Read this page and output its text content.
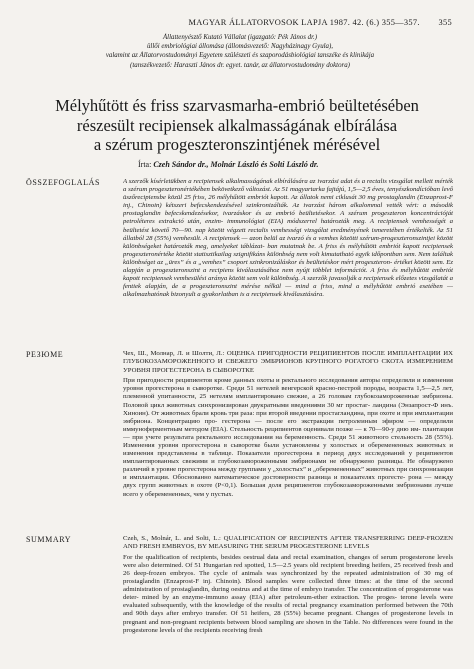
MAGYAR ÁLLATORVOSOK LAPJA 1987. 42. (6.) 355—357. 355
Állattenyésztő Kutató Vállalat (igazgató: Pék János dr.)
üllői embriológiai állomása (állomásvezető: Nagyházinagy Gyula),
valamint az Állatorvostudományi Egyetem szülészeti és szaporodásbiológiai tanszéke és klinikája
(tanszékvezető: Haraszti János dr. egyet. tanár, az állatorvostudomány doktora)
Mélyhűtött és friss szarvasmarha-embrió beültetésében
részesült recipiensek alkalmasságának elbírálása
a szérum progeszteronszintjének mérésével
Írta: Czeh Sándor dr., Molnár László és Solti László dr.
ÖSSZEFOGLALÁS	A szerzők kísérletükben a recipiensek alkalmasságának elbírálására az ivarzási adat és a rectalis vizsgálat mellett mérték a szérum progeszteronértékében bekövetkező változást. Az 51 magyartarka fajtájú, 1,5—2,5 éves, tenyészkondícióban levő üszőrecipiensbe közül 25 friss, 26 mélyhűtött embriót kapott. Az állatok nemi ciklusát 30 mg prostaglandin (Enzaprost-F inj., Chinoin) kétszeri befecskendezésével szinkronizálták. Az ivarzást három alkalommal vették vért: a második prostaglandin befecskendezésekor, ivarzáskor és az embrió beültetésekor. A szérum progeszteron koncentrációját petroléteres extrakció után, enzim- immunológiai (EIA) módszerrel határozták meg. A recipiensek vemhességét a beültetést követő 70—90. nap között végzett rectalis vemhességi vizsgálat eredményének ismeretében értékelték. Az 51 állatból 28 (55%) vemhesült. A recipiensek — azon belül az ivarzó és a vemhes közötti szérum-progeszteronszintjei között különbségeket határozták meg, amelyeket táblázat- ban mutatnak be. A friss és mélyhűtött embriót kapott recipiensek progeszteronértéke között statisztikailag szignifikáns különbség nem volt kimutatható egyik időpontban sem. Nem találtak különbséget az „üres” és a „vemhes” csoport szinkronizáláskor és beültetéskor mért progeszteron- értékei között sem. Ez alapján a progeszteronszint a recipiens kiválasztásához nem nyújt többlet információt. A friss és mélyhűtött embriót kapott recipiensek vemhesülési aránya között sem volt különbség. A szerzők javasolják a recipiensek előzetes vizsgálatát a fentiek alapján, de a progeszteronszint mérése nélkül — mind a friss, mind a mélyhűtött embrió esetében — alkalmazhatónak bizonyult a gyakorlatban is a recipiensek kiválasztására.

РЕЗЮМЕ	Чех, Ш., Молнар, Л. и Шолти, Л.: ОЦЕНКА ПРИГОДНОСТИ РЕЦИПИЕНТОВ ПОСЛЕ ИМПЛАНТАЦИИ ИХ ГЛУБОКОЗАМОРОЖЕННОГО И СВЕЖЕГО ЭМБРИОНОВ КРУПНОГО РОГАТОГО СКОТА ИЗМЕРЕНИЕМ УРОВНЯ ПРОГЕСТЕРОНА В СЫВОРОТКЕ

При пригодности реципиентов кроме данных охоты и ректального исследования авторы определяли и изменения уровня прогестерона в сыворотке. Среди 51 нетелей венгерской красно-пестрой породы, возраста 1,5—2,5 лет, племенной упитанности, 25 нетелям имплантировано свежие, а 26 головам глубокозамороженные эмбрионы. Половой цикл животных синхронизирован двукратными введениями 30 мг простаг- ландина (Энзапрост-Ф инъ. Хиноин). От животных брали кровь три раза: при второй введении простагландина, при охоте и при имплантации эмбриона. Концентрацию про- гестерона — после его экстракции петролеиным эфиром — определяли иммуноферментным методом (EIA). Стельность реципиентов оценивали позже — к 70—90-у дню им- плантации — при учете результата ректального исследования на беременность. Среди 51 животного стельность 28 (55%). Изменения уровня прогестерона в сыворотке были установлены у холостых и оберемененных животных и изменения представлены в таблице. Показатели прогестерона в период двух исследований у реципиентов имплантированных свежими и глубокозамороженными эмбрионами не обнаружено разницы. Не обнаружено различий в уровне прогестерона между группами у „холостых” и „оберемененных” животных при синхронизации и имплантации. Обоснованно математическое достоверности разница и показателях прогесте- рона — между двух групп животных в охоте (P<0,1). Большая доля реципиентов глубокозамороженными эмбрионами лучше всего у оберемененных, чем у пустых.

SUMMARY	Czeh, S., Molnár, L. and Solti, L.: QUALIFICATION OF RECIPIENTS AFTER TRANSFERRING DEEP-FROZEN AND FRESH EMBRYOS, BY MEASURING THE SERUM PROGESTERONE LEVELS

For the qualification of recipients, besides oestrual data and rectal examination, changes of serum progesterone levels were also determined. Of 51 Hungarian red spotted, 1.5—2.5 years old recipient breeding heifers, 25 received fresh and 26 deep-frozen embryos. The cycle of animals was synchronized by the repeated administration of 30 mg of prostaglandin (Enzaprost-F inj. Chinoin). Blood samples were collected three times: at the time of the second administration of prostaglandin, during oestrus and at the time of embryo transfer. The concentration of progesterone was deter- mined by an enzyme-immuno assay (EIA) after petroleum-ether extraction. The proges- terone levels were evaluated subsequently, with the knowledge of the results of rectal pregnancy examination performed between the 70th and 90th days after embryo transfer. Of 51 heifers, 28 (55%) became pregnant. Changes of progesterone levels in pregnant and non-pregnant recipients between blood sampling are shown in the Table. No differences were found in the progesterone levels of the recipients receiving fresh
